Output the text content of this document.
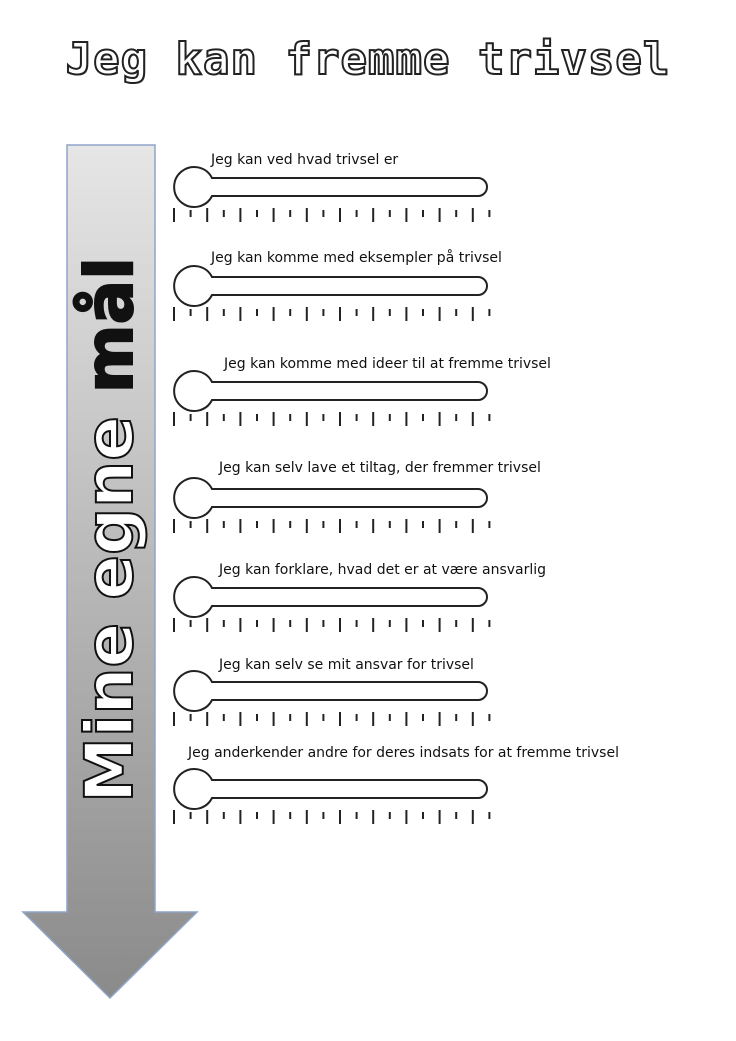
Jeg kan fremme trivsel
Mine egne mål
Jeg kan ved hvad trivsel er
Jeg kan komme med eksempler på trivsel
Jeg kan komme med ideer til at fremme trivsel
Jeg kan selv lave et tiltag, der fremmer trivsel
Jeg kan forklare, hvad det er at være ansvarlig
Jeg kan selv se mit ansvar for trivsel
Jeg anderkender andre for deres indsats for at fremme trivsel
